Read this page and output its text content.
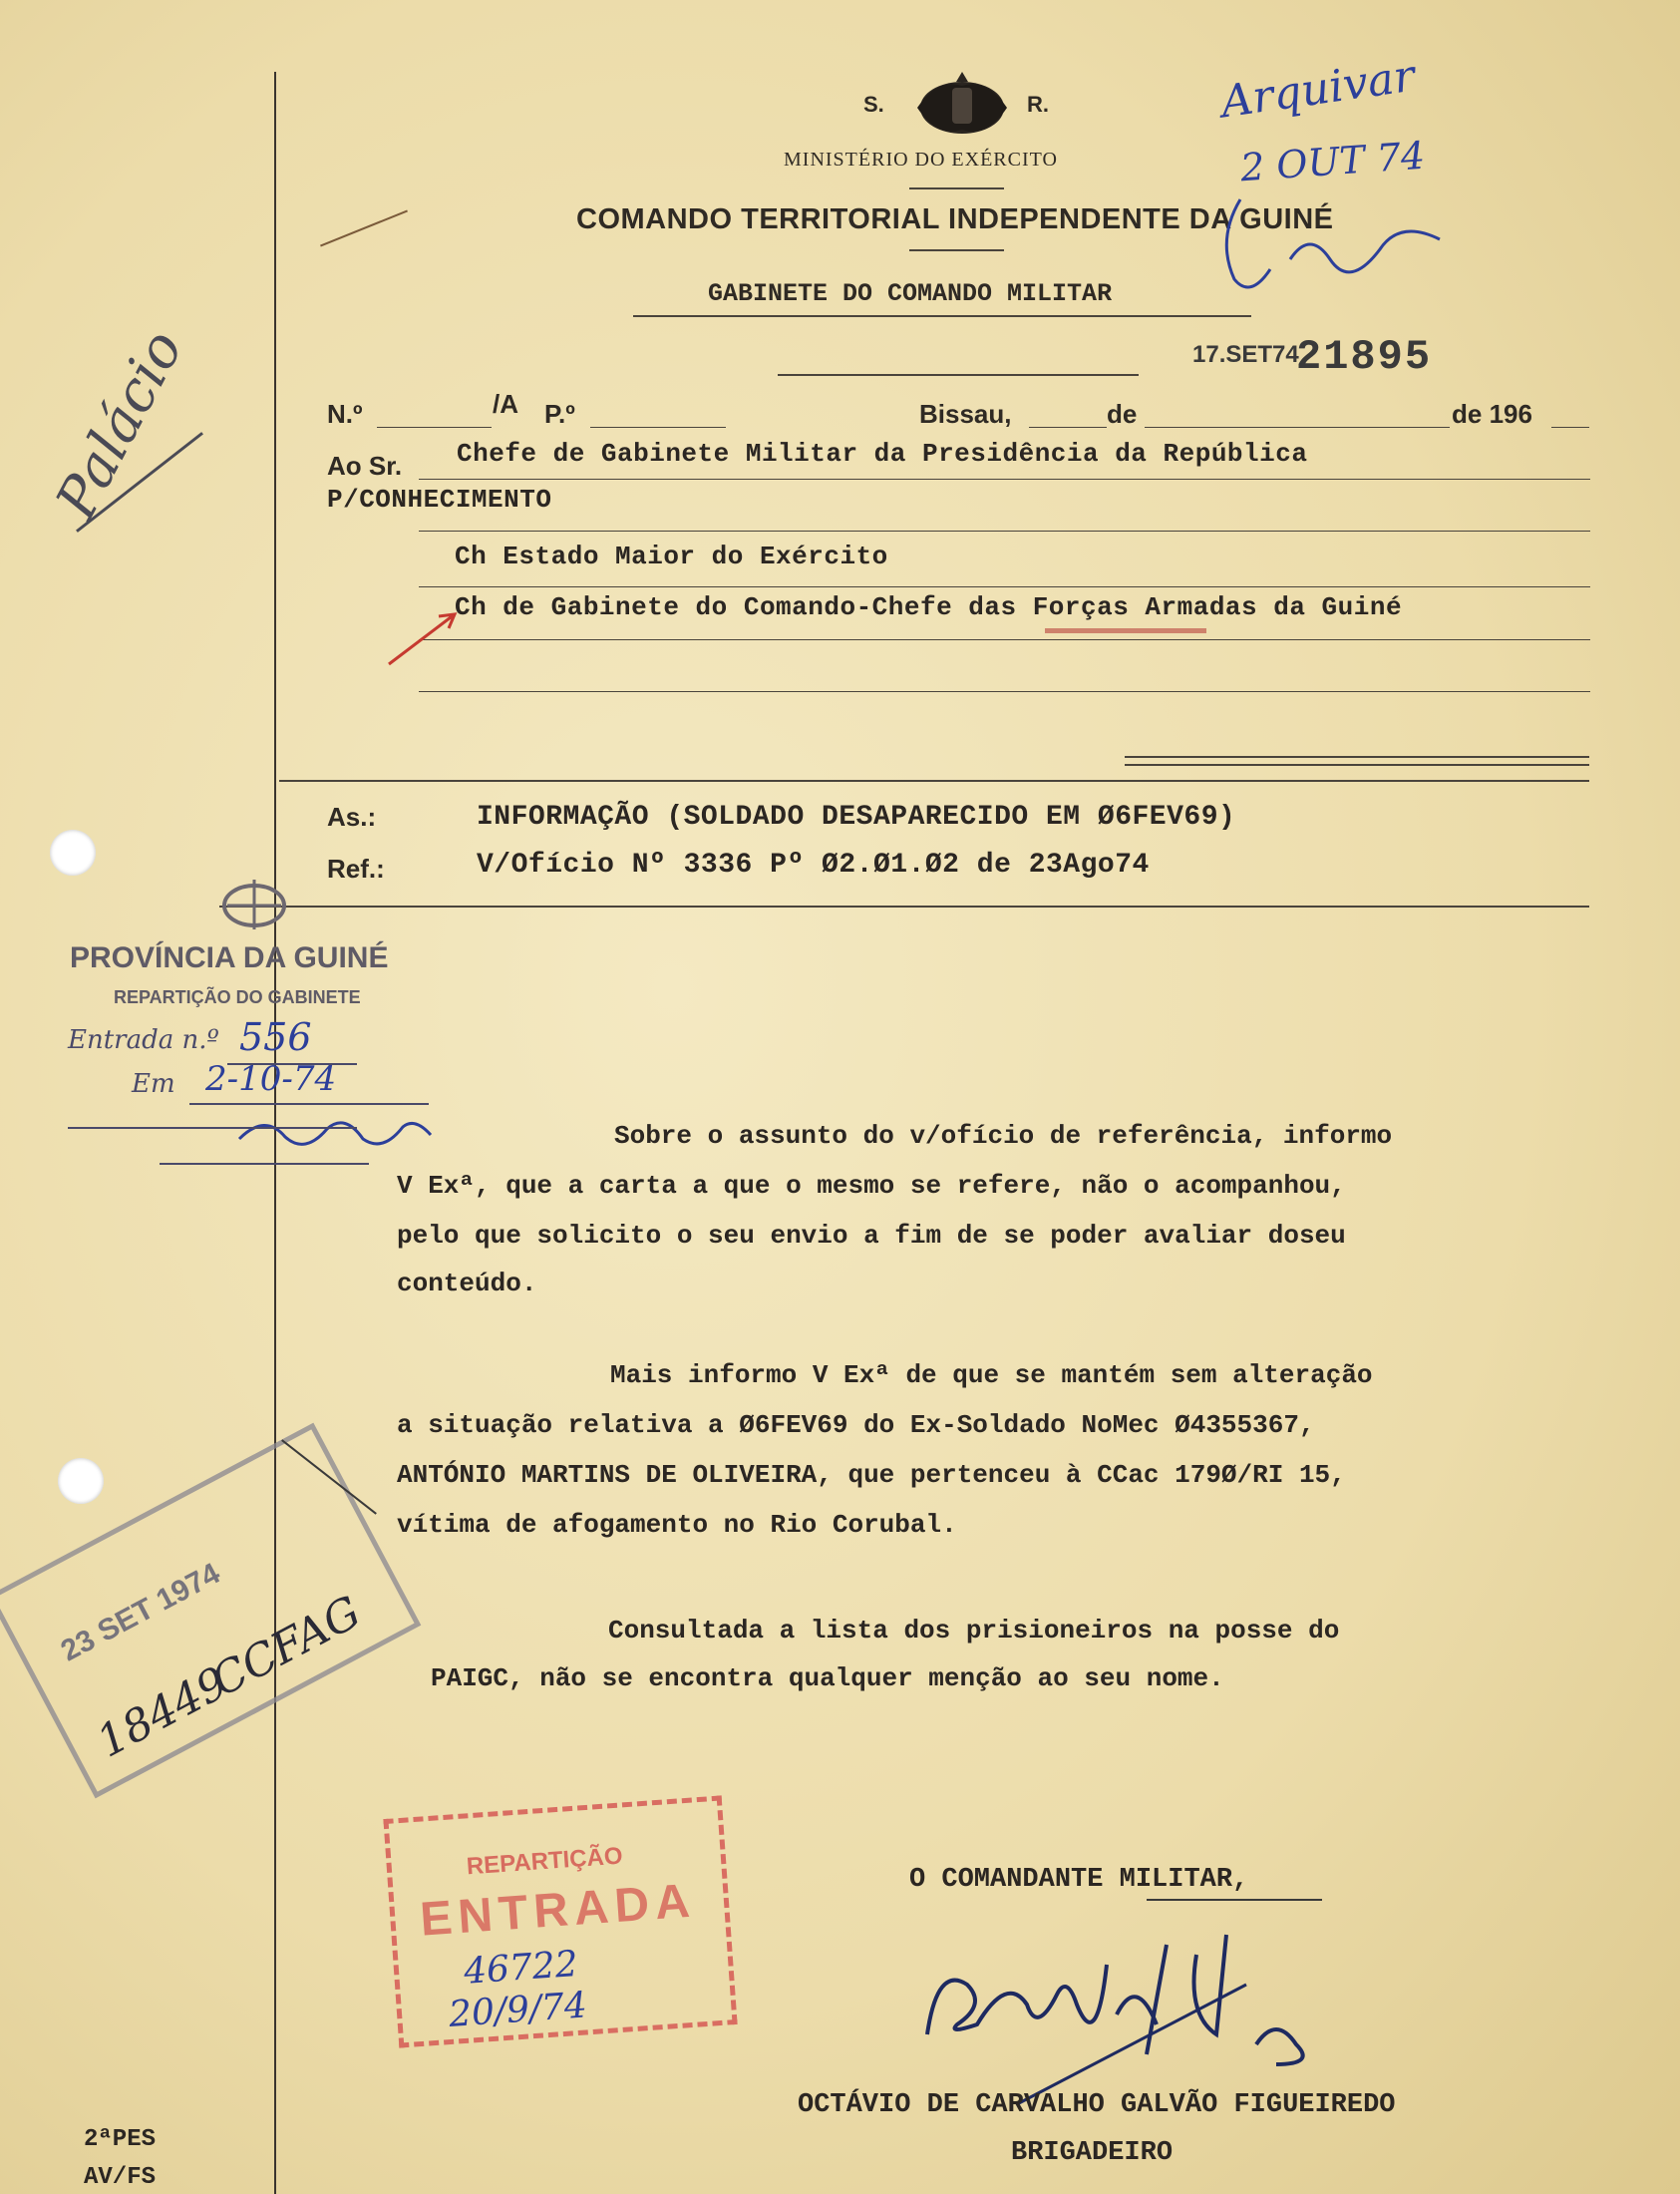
S.	R.
MINISTÉRIO DO EXÉRCITO
COMANDO TERRITORIAL INDEPENDENTE DA GUINÉ
GABINETE DO COMANDO MILITAR
17.SET74
21895
N.º	/A P.º	Bissau,	de	de 196
Ao Sr. Chefe de Gabinete Militar da Presidência da República
P/CONHECIMENTO
Ch Estado Maior do Exército
Ch de Gabinete do Comando-Chefe das Forças Armadas da Guiné
As.:	INFORMAÇÃO (SOLDADO DESAPARECIDO EM Ø6FEV69)
Ref.:	V/Ofício Nº 3336 Pº Ø2.Ø1.Ø2 de 23Ago74
PROVÍNCIA DA GUINÉ
REPARTIÇÃO DO GABINETE
Entrada n.º 556
Em 2-10-74
Sobre o assunto do v/ofício de referência, informo
V Exª, que a carta a que o mesmo se refere, não o acompanhou,
pelo que solicito o seu envio a fim de se poder avaliar doseu
conteúdo.
Mais informo V Exª de que se mantém sem alteração
a situação relativa a Ø6FEV69 do Ex-Soldado NoMec Ø4355367,
ANTÓNIO MARTINS DE OLIVEIRA, que pertenceu à CCac 179Ø/RI 15,
vítima de afogamento no Rio Corubal.
Consultada a lista dos prisioneiros na posse do
PAIGC, não se encontra qualquer menção ao seu nome.
23 SET 1974
CCFAG
18449
REPARTIÇÃO
ENTRADA
46722
20/9/74
O COMANDANTE MILITAR,
OCTÁVIO DE CARVALHO GALVÃO FIGUEIREDO
BRIGADEIRO
Arquivar
2 OUT 74
Palácio
2ªPES
AV/FS
